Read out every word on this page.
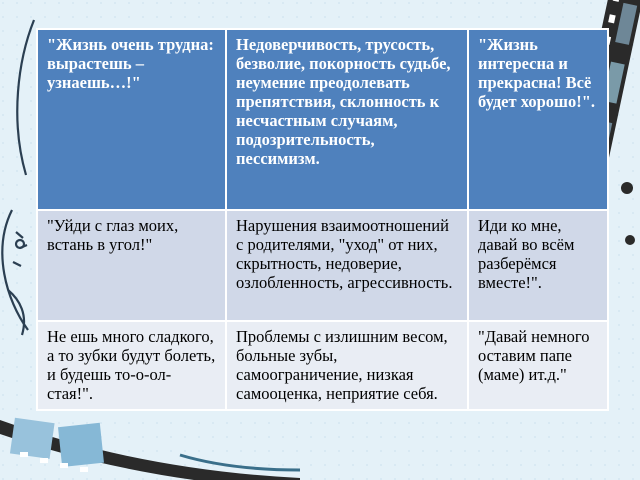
"Жизнь очень трудна: вырастешь – узнаешь…!"	Недоверчивость, трусость, безволие, покорность судьбе, неумение преодолевать препятствия, склонность к несчастным случаям, подозрительность, пессимизм.	"Жизнь интересна и прекрасна! Всё будет хорошо!".
"Уйди с глаз моих, встань в угол!"	Нарушения взаимоотношений с родителями, "уход" от них, скрытность, недоверие, озлобленность, агрессивность.	Иди ко мне, давай во всём разберёмся вместе!".
Не ешь много сладкого, а то зубки будут болеть, и будешь то-о-ол-стая!".	Проблемы с излишним весом, больные зубы, самоограничение, низкая самооценка, неприятие себя.	"Давай немного оставим папе (маме) ит.д."
